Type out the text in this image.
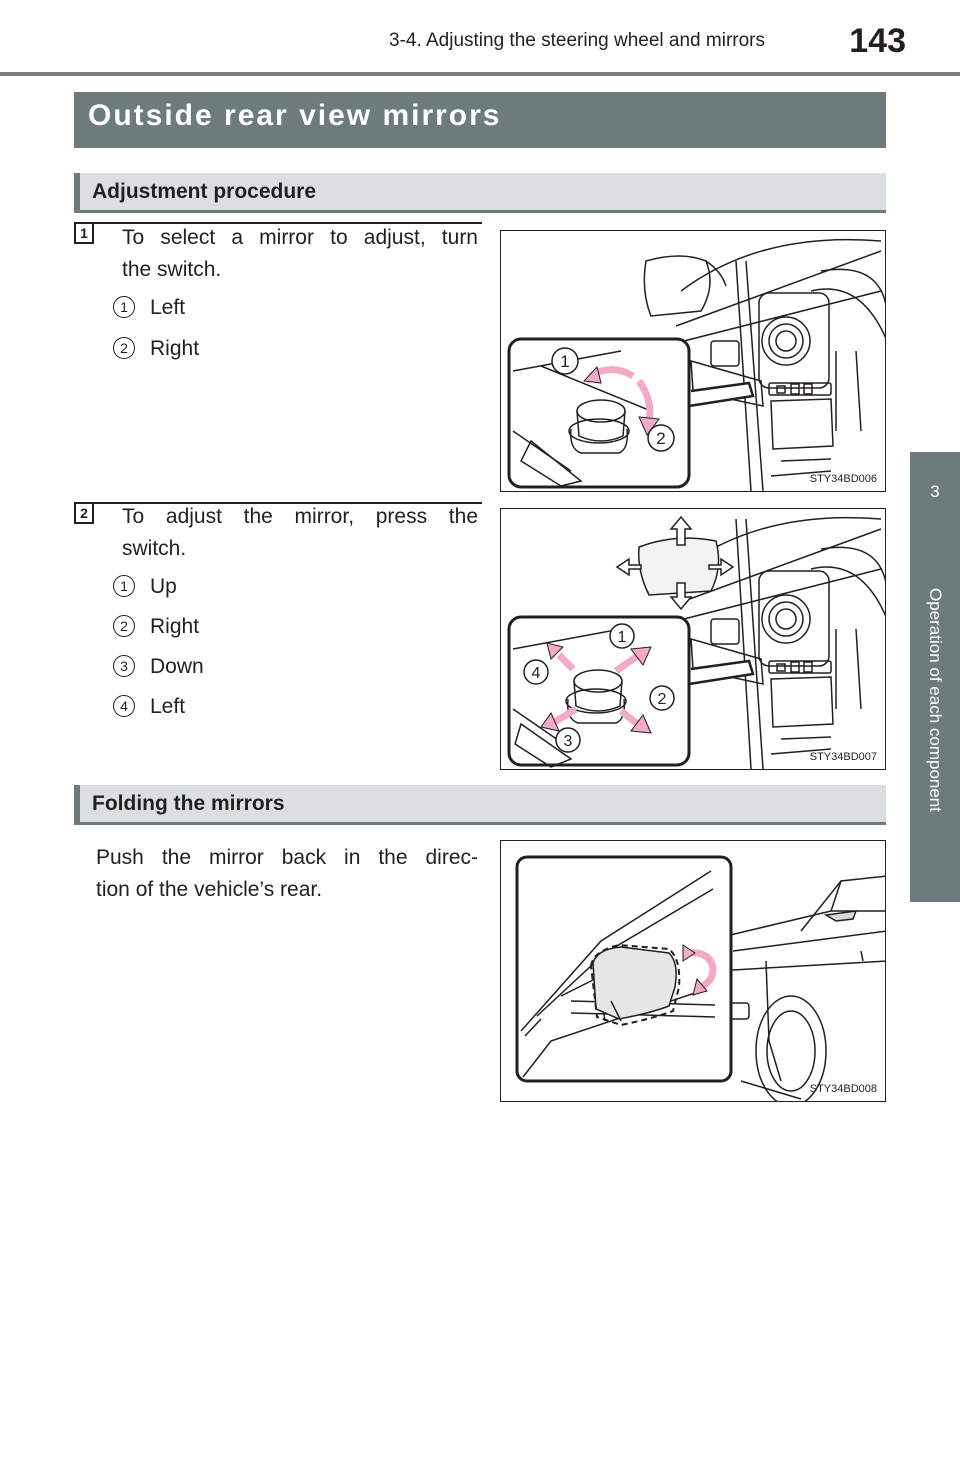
3-4. Adjusting the steering wheel and mirrors	143
3
Operation of each component
Outside rear view mirrors
Adjustment procedure
1 To select a mirror to adjust, turn
the switch.
1	Left
2	Right
1
2
STY34BD006
2 To adjust the mirror, press the
switch.
1	Up
2	Right
3	Down
4	Left
1
2
3
4
STY34BD007
Folding the mirrors
Push the mirror back in the direc-
tion of the vehicle’s rear.
STY34BD008
